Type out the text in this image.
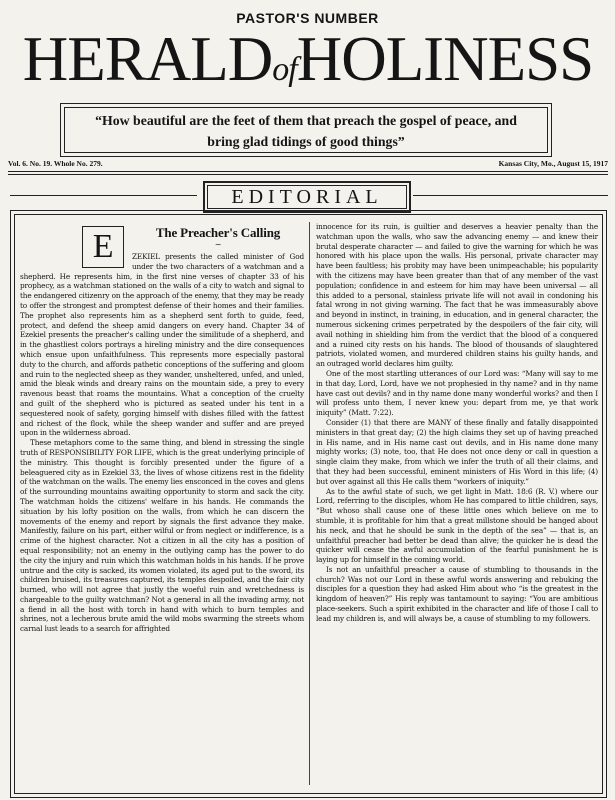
PASTOR'S NUMBER
HERALDofHOLINESS
“How beautiful are the feet of them that preach the gospel of peace, and
bring glad tidings of good things”
Vol. 6. No. 19. Whole No. 279.	Kansas City, Mo., August 15, 1917
EDITORIAL
E	The Preacher's Calling
~

ZEKIEL presents the called minister of God under the two characters of a watchman and a shepherd. He represents him, in the first nine verses of chapter 33 of his prophecy, as a watchman stationed on the walls of a city to watch and signal to the endangered citizenry on the approach of the enemy, that they may be ready to offer the strongest and promptest defense of their homes and their families. The prophet also represents him as a shepherd sent forth to guide, feed, protect, and defend the sheep amid dangers on every hand. Chapter 34 of Ezekiel presents the preacher's calling under the similitude of a shepherd, and in the ghastliest colors portrays a hireling ministry and the dire consequences which ensue upon unfaithfulness. This represents more especially pastoral duty to the church, and affords pathetic conceptions of the suffering and gloom and ruin to the neglected sheep as they wander, unsheltered, unfed, and unled, amid the bleak winds and dreary rains on the mountain side, a prey to every ravenous beast that roams the mountains. What a conception of the cruelty and guilt of the shepherd who is pictured as seated under his tent in a sequestered nook of safety, gorging himself with dishes filled with the fattest and richest of the flock, while the sheep wander and suffer and are preyed upon in the wilderness abroad.

These metaphors come to the same thing, and blend in stressing the single truth of RESPONSIBILITY FOR LIFE, which is the great underlying principle of the ministry. This thought is forcibly presented under the figure of a beleaguered city as in Ezekiel 33, the lives of whose citizens rest in the fidelity of the watchman on the walls. The enemy lies ensconced in the coves and glens of the surrounding mountains awaiting opportunity to storm and sack the city. The watchman holds the citizens' welfare in his hands. He commands the situation by his lofty position on the walls, from which he can discern the movements of the enemy and report by signals the first advance they make. Manifestly, failure on his part, either wilful or from neglect or indifference, is a crime of the highest character. Not a citizen in all the city has a position of equal responsibility; not an enemy in the outlying camp has the power to do the city the injury and ruin which this watchman holds in his hands. If he prove untrue and the city is sacked, its women violated, its aged put to the sword, its children bruised, its treasures captured, its temples despoiled, and the fair city burned, who will not agree that justly the woeful ruin and wretchedness is chargeable to the guilty watchman? Not a general in all the invading army, not a fiend in all the host with torch in hand with which to burn temples and shrines, not a lecherous brute amid the wild mobs swarming the streets whom carnal lust leads to a search for affrighted

innocence for its ruin, is guiltier and deserves a heavier penalty than the watchman upon the walls, who saw the advancing enemy — and knew their brutal desperate character — and failed to give the warning for which he was honored with his place upon the walls. His personal, private character may have been faultless; his probity may have been unimpeachable; his popularity with the citizens may have been greater than that of any member of the vast population; confidence in and esteem for him may have been universal — all this added to a personal, stainless private life will not avail in condoning his fatal wrong in not giving warning. The fact that he was immeasurably above and beyond in instinct, in training, in education, and in general character, the numerous sickening crimes perpetrated by the despoilers of the fair city, will avail nothing in shielding him from the verdict that the blood of a conquered and a ruined city rests on his hands. The blood of thousands of slaughtered patriots, violated women, and murdered children stains his guilty hands, and an outraged world declares him guilty.

One of the most startling utterances of our Lord was: “Many will say to me in that day, Lord, Lord, have we not prophesied in thy name? and in thy name have cast out devils? and in thy name done many wonderful works? and then I will profess unto them, I never knew you: depart from me, ye that work iniquity” (Matt. 7:22).

Consider (1) that there are MANY of these finally and fatally disappointed ministers in that great day; (2) the high claims they set up of having preached in His name, and in His name cast out devils, and in His name done many mighty works; (3) note, too, that He does not once deny or call in question a single claim they make, from which we infer the truth of all their claims, and that they had been successful, eminent ministers of His Word in this life; (4) but over against all this He calls them “workers of iniquity.”

As to the awful state of such, we get light in Matt. 18:6 (R. V.) where our Lord, referring to the disciples, whom He has compared to little children, says, “But whoso shall cause one of these little ones which believe on me to stumble, it is profitable for him that a great millstone should be hanged about his neck, and that he should be sunk in the depth of the sea” — that is, an unfaithful preacher had better be dead than alive; the quicker he is dead the quicker will cease the awful accumulation of the fearful punishment he is laying up for himself in the coming world.

Is not an unfaithful preacher a cause of stumbling to thousands in the church? Was not our Lord in these awful words answering and rebuking the disciples for a question they had asked Him about who “is the greatest in the kingdom of heaven?” His reply was tantamount to saying: “You are ambitious place-seekers. Such a spirit exhibited in the character and life of those I call to lead my children is, and will always be, a cause of stumbling to my followers.
